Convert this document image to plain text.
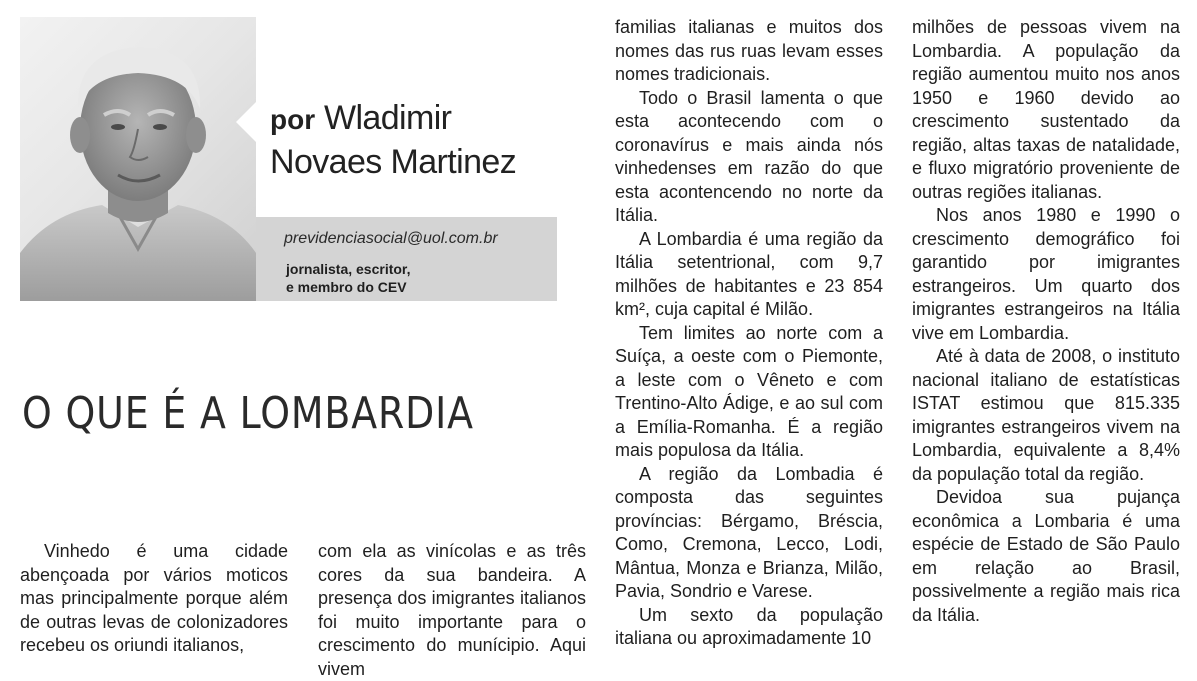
por Wladimir
Novaes Martinez
previdenciasocial@uol.com.br
jornalista, escritor,
e membro do CEV
O QUE É A LOMBARDIA

Vinhedo é uma cidade abençoada por vários moticos mas principalmente porque além de outras levas de colonizadores recebeu os oriundi italianos,

com ela as vinícolas e as três cores da sua bandeira. A presença dos imigrantes italianos foi muito importante para o crescimento do munícipio. Aqui vivem

familias italianas e muitos dos nomes das rus ruas levam esses nomes tradicionais.

Todo o Brasil lamenta o que esta acontecendo com o coronavírus e mais ainda nós vinhedenses em razão do que esta acontencendo no norte da Itália.

A Lombardia é uma região da Itália setentrional, com 9,7 milhões de habitantes e 23 854 km², cuja capital é Milão.

Tem limites ao norte com a Suíça, a oeste com o Piemonte, a leste com o Vêneto e com Trentino-Alto Ádige, e ao sul com a Emília-Romanha. É a região mais populosa da Itália.

A região da Lombadia é composta das seguintes províncias: Bérgamo, Bréscia, Como, Cremona, Lecco, Lodi, Mântua, Monza e Brianza, Milão, Pavia, Sondrio e Varese.

Um sexto da população italiana ou aproximadamente 10

milhões de pessoas vivem na Lombardia. A população da região aumentou muito nos anos 1950 e 1960 devido ao crescimento sustentado da região, altas taxas de natalidade, e fluxo migratório proveniente de outras regiões italianas.

Nos anos 1980 e 1990 o crescimento demográfico foi garantido por imigrantes estrangeiros. Um quarto dos imigrantes estrangeiros na Itália vive em Lombardia.

Até à data de 2008, o instituto nacional italiano de estatísticas ISTAT estimou que 815.335 imigrantes estrangeiros vivem na Lombardia, equivalente a 8,4% da população total da região.

Devidoa sua pujança econômica a Lombaria é uma espécie de Estado de São Paulo em relação ao Brasil, possivelmente a região mais rica da Itália.
